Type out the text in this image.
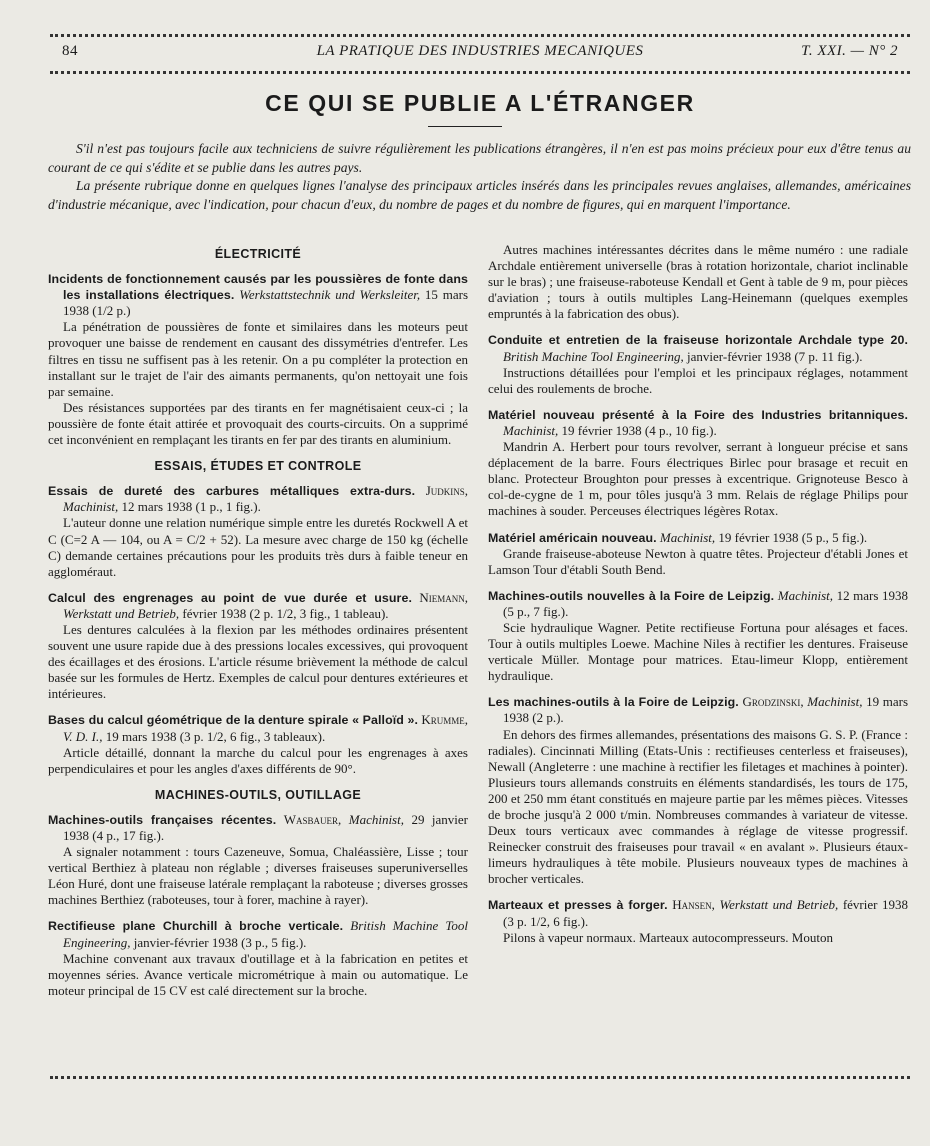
84	LA PRATIQUE DES INDUSTRIES MECANIQUES	T. XXI. — N° 2
CE QUI SE PUBLIE A L'ÉTRANGER

S'il n'est pas toujours facile aux techniciens de suivre régulièrement les publications étrangères, il n'en est pas moins précieux pour eux d'être tenus au courant de ce qui s'édite et se publie dans les autres pays.

La présente rubrique donne en quelques lignes l'analyse des principaux articles insérés dans les principales revues anglaises, allemandes, américaines d'industrie mécanique, avec l'indication, pour chacun d'eux, du nombre de pages et du nombre de figures, qui en marquent l'importance.

ÉLECTRICITÉ

Incidents de fonctionnement causés par les poussières de fonte dans les installations électriques. Werkstattstechnik und Werksleiter, 15 mars 1938 (1/2 p.)

La pénétration de poussières de fonte et similaires dans les moteurs peut provoquer une baisse de rendement en causant des dissymétries d'entrefer. Les filtres en tissu ne suffisent pas à les retenir. On a pu compléter la protection en installant sur le trajet de l'air des aimants permanents, qu'on nettoyait une fois par semaine.

Des résistances supportées par des tirants en fer magnétisaient ceux-ci ; la poussière de fonte était attirée et provoquait des courts-circuits. On a supprimé cet inconvénient en remplaçant les tirants en fer par des tirants en aluminium.

ESSAIS, ÉTUDES ET CONTROLE

Essais de dureté des carbures métalliques extra-durs. Judkins, Machinist, 12 mars 1938 (1 p., 1 fig.).

L'auteur donne une relation numérique simple entre les duretés Rockwell A et C (C=2 A — 104, ou A = C/2 + 52). La mesure avec charge de 150 kg (échelle C) demande certaines précautions pour les produits très durs à faible teneur en aggloméraut.

Calcul des engrenages au point de vue durée et usure. Niemann, Werkstatt und Betrieb, février 1938 (2 p. 1/2, 3 fig., 1 tableau).

Les dentures calculées à la flexion par les méthodes ordinaires présentent souvent une usure rapide due à des pressions locales excessives, qui provoquent des écaillages et des érosions. L'article résume brièvement la méthode de calcul basée sur les formules de Hertz. Exemples de calcul pour dentures extérieures et intérieures.

Bases du calcul géométrique de la denture spirale « Palloïd ». Krumme, V. D. I., 19 mars 1938 (3 p. 1/2, 6 fig., 3 tableaux).

Article détaillé, donnant la marche du calcul pour les engrenages à axes perpendiculaires et pour les angles d'axes différents de 90°.

MACHINES-OUTILS, OUTILLAGE

Machines-outils françaises récentes. Wasbauer, Machinist, 29 janvier 1938 (4 p., 17 fig.).

A signaler notamment : tours Cazeneuve, Somua, Chaléassière, Lisse ; tour vertical Berthiez à plateau non réglable ; diverses fraiseuses superuniverselles Léon Huré, dont une fraiseuse latérale remplaçant la raboteuse ; diverses grosses machines Berthiez (raboteuses, tour à forer, machine à rayer).

Rectifieuse plane Churchill à broche verticale. British Machine Tool Engineering, janvier-février 1938 (3 p., 5 fig.).

Machine convenant aux travaux d'outillage et à la fabrication en petites et moyennes séries. Avance verticale micrométrique à main ou automatique. Le moteur principal de 15 CV est calé directement sur la broche.

Autres machines intéressantes décrites dans le même numéro : une radiale Archdale entièrement universelle (bras à rotation horizontale, chariot inclinable sur le bras) ; une fraiseuse-raboteuse Kendall et Gent à table de 9 m, pour pièces d'aviation ; tours à outils multiples Lang-Heinemann (quelques exemples empruntés à la fabrication des obus).

Conduite et entretien de la fraiseuse horizontale Archdale type 20. British Machine Tool Engineering, janvier-février 1938 (7 p. 11 fig.).

Instructions détaillées pour l'emploi et les principaux réglages, notamment celui des roulements de broche.

Matériel nouveau présenté à la Foire des Industries britanniques. Machinist, 19 février 1938 (4 p., 10 fig.).

Mandrin A. Herbert pour tours revolver, serrant à longueur précise et sans déplacement de la barre. Fours électriques Birlec pour brasage et recuit en blanc. Protecteur Broughton pour presses à excentrique. Grignoteuse Besco à col-de-cygne de 1 m, pour tôles jusqu'à 3 mm. Relais de réglage Philips pour machines à souder. Perceuses électriques légères Rotax.

Matériel américain nouveau. Machinist, 19 février 1938 (5 p., 5 fig.).

Grande fraiseuse-aboteuse Newton à quatre têtes. Projecteur d'établi Jones et Lamson Tour d'établi South Bend.

Machines-outils nouvelles à la Foire de Leipzig. Machinist, 12 mars 1938 (5 p., 7 fig.).

Scie hydraulique Wagner. Petite rectifieuse Fortuna pour alésages et faces. Tour à outils multiples Loewe. Machine Niles à rectifier les dentures. Fraiseuse verticale Müller. Montage pour matrices. Etau-limeur Klopp, entièrement hydraulique.

Les machines-outils à la Foire de Leipzig. Grodzinski, Machinist, 19 mars 1938 (2 p.).

En dehors des firmes allemandes, présentations des maisons G. S. P. (France : radiales). Cincinnati Milling (Etats-Unis : rectifieuses centerless et fraiseuses), Newall (Angleterre : une machine à rectifier les filetages et machines à pointer). Plusieurs tours allemands construits en éléments standardisés, les tours de 175, 200 et 250 mm étant constitués en majeure partie par les mêmes pièces. Vitesses de broche jusqu'à 2 000 t/min. Nombreuses commandes à variateur de vitesse. Deux tours verticaux avec commandes à réglage de vitesse progressif. Reinecker construit des fraiseuses pour travail « en avalant ». Plusieurs étaux-limeurs hydrauliques à tête mobile. Plusieurs nouveaux types de machines à brocher verticales.

Marteaux et presses à forger. Hansen, Werkstatt und Betrieb, février 1938 (3 p. 1/2, 6 fig.).

Pilons à vapeur normaux. Marteaux autocompresseurs. Mouton
